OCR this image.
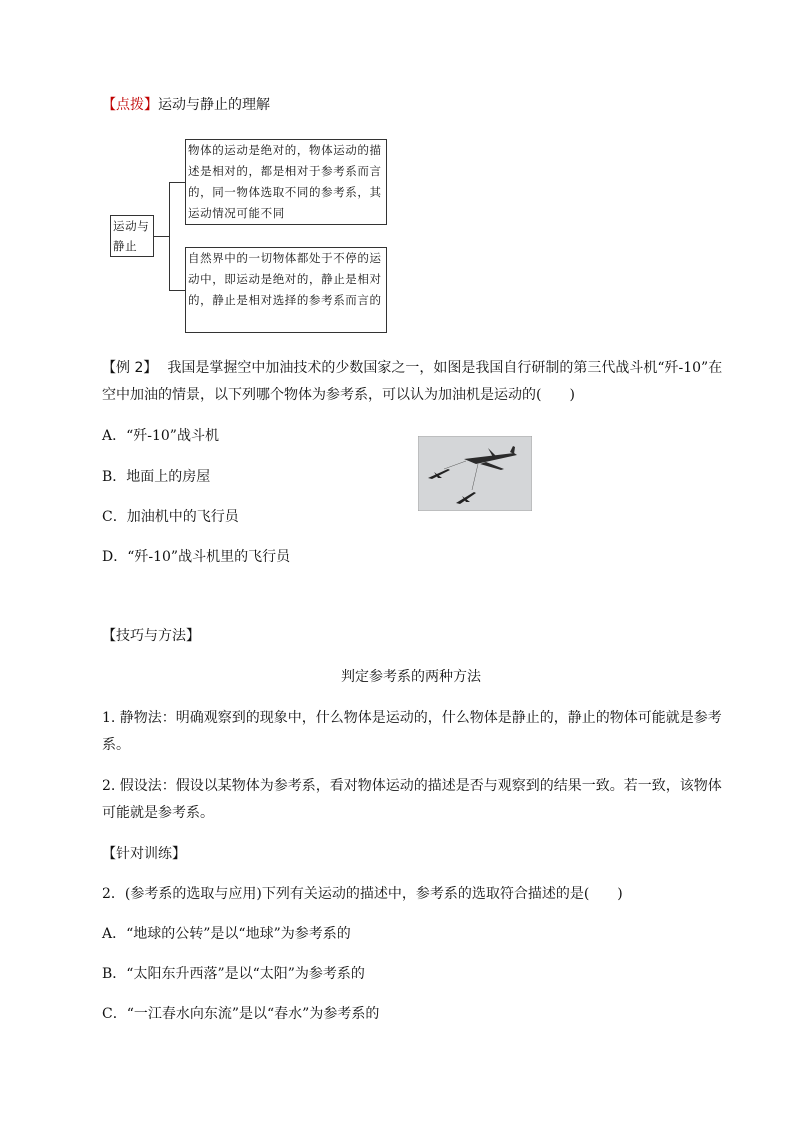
【点拨】运动与静止的理解
运动与
静止
物体的运动是绝对的，物体运动的描述是相对的，都是相对于参考系而言的，同一物体选取不同的参考系，其运动情况可能不同
自然界中的一切物体都处于不停的运动中，即运动是绝对的，静止是相对的，静止是相对选择的参考系而言的
【例 2】 我国是掌握空中加油技术的少数国家之一，如图是我国自行研制的第三代战斗机“歼-10”在
空中加油的情景，以下列哪个物体为参考系，可以认为加油机是运动的(　　)
A．“歼-10”战斗机
B．地面上的房屋
C．加油机中的飞行员
D．“歼-10”战斗机里的飞行员
【技巧与方法】
判定参考系的两种方法
1. 静物法：明确观察到的现象中，什么物体是运动的，什么物体是静止的，静止的物体可能就是参考
系。
2. 假设法：假设以某物体为参考系，看对物体运动的描述是否与观察到的结果一致。若一致，该物体
可能就是参考系。
【针对训练】
2．(参考系的选取与应用)下列有关运动的描述中，参考系的选取符合描述的是(　　)
A．“地球的公转”是以“地球”为参考系的
B．“太阳东升西落”是以“太阳”为参考系的
C．“一江春水向东流”是以“春水”为参考系的
